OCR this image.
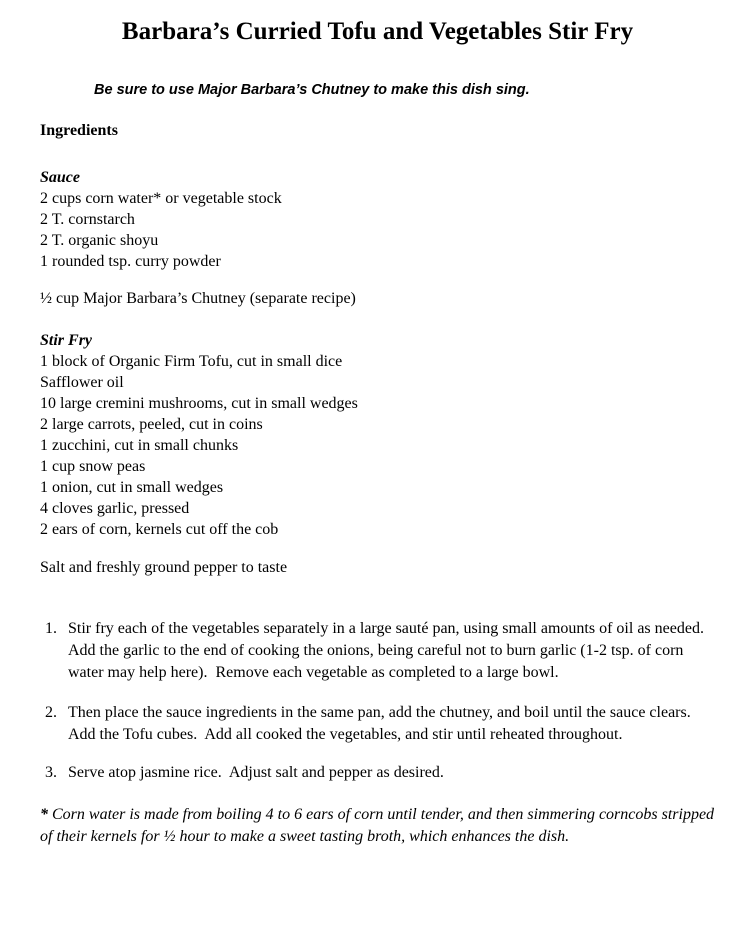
Barbara’s Curried Tofu and Vegetables Stir Fry
Be sure to use Major Barbara’s Chutney to make this dish sing.
Ingredients
Sauce
2 cups corn water* or vegetable stock
2 T. cornstarch
2 T. organic shoyu
1 rounded tsp. curry powder
½ cup Major Barbara’s Chutney (separate recipe)
Stir Fry
1 block of Organic Firm Tofu, cut in small dice
Safflower oil
10 large cremini mushrooms, cut in small wedges
2 large carrots, peeled, cut in coins
1 zucchini, cut in small chunks
1 cup snow peas
1 onion, cut in small wedges
4 cloves garlic, pressed
2 ears of corn, kernels cut off the cob
Salt and freshly ground pepper to taste
1. Stir fry each of the vegetables separately in a large sauté pan, using small amounts of oil as needed.  Add the garlic to the end of cooking the onions, being careful not to burn garlic (1-2 tsp. of corn water may help here).  Remove each vegetable as completed to a large bowl.
2. Then place the sauce ingredients in the same pan, add the chutney, and boil until the sauce clears.  Add the Tofu cubes.  Add all cooked the vegetables, and stir until reheated throughout.
3. Serve atop jasmine rice.  Adjust salt and pepper as desired.
* Corn water is made from boiling 4 to 6 ears of corn until tender, and then simmering corncobs stripped of their kernels for ½ hour to make a sweet tasting broth, which enhances the dish.
